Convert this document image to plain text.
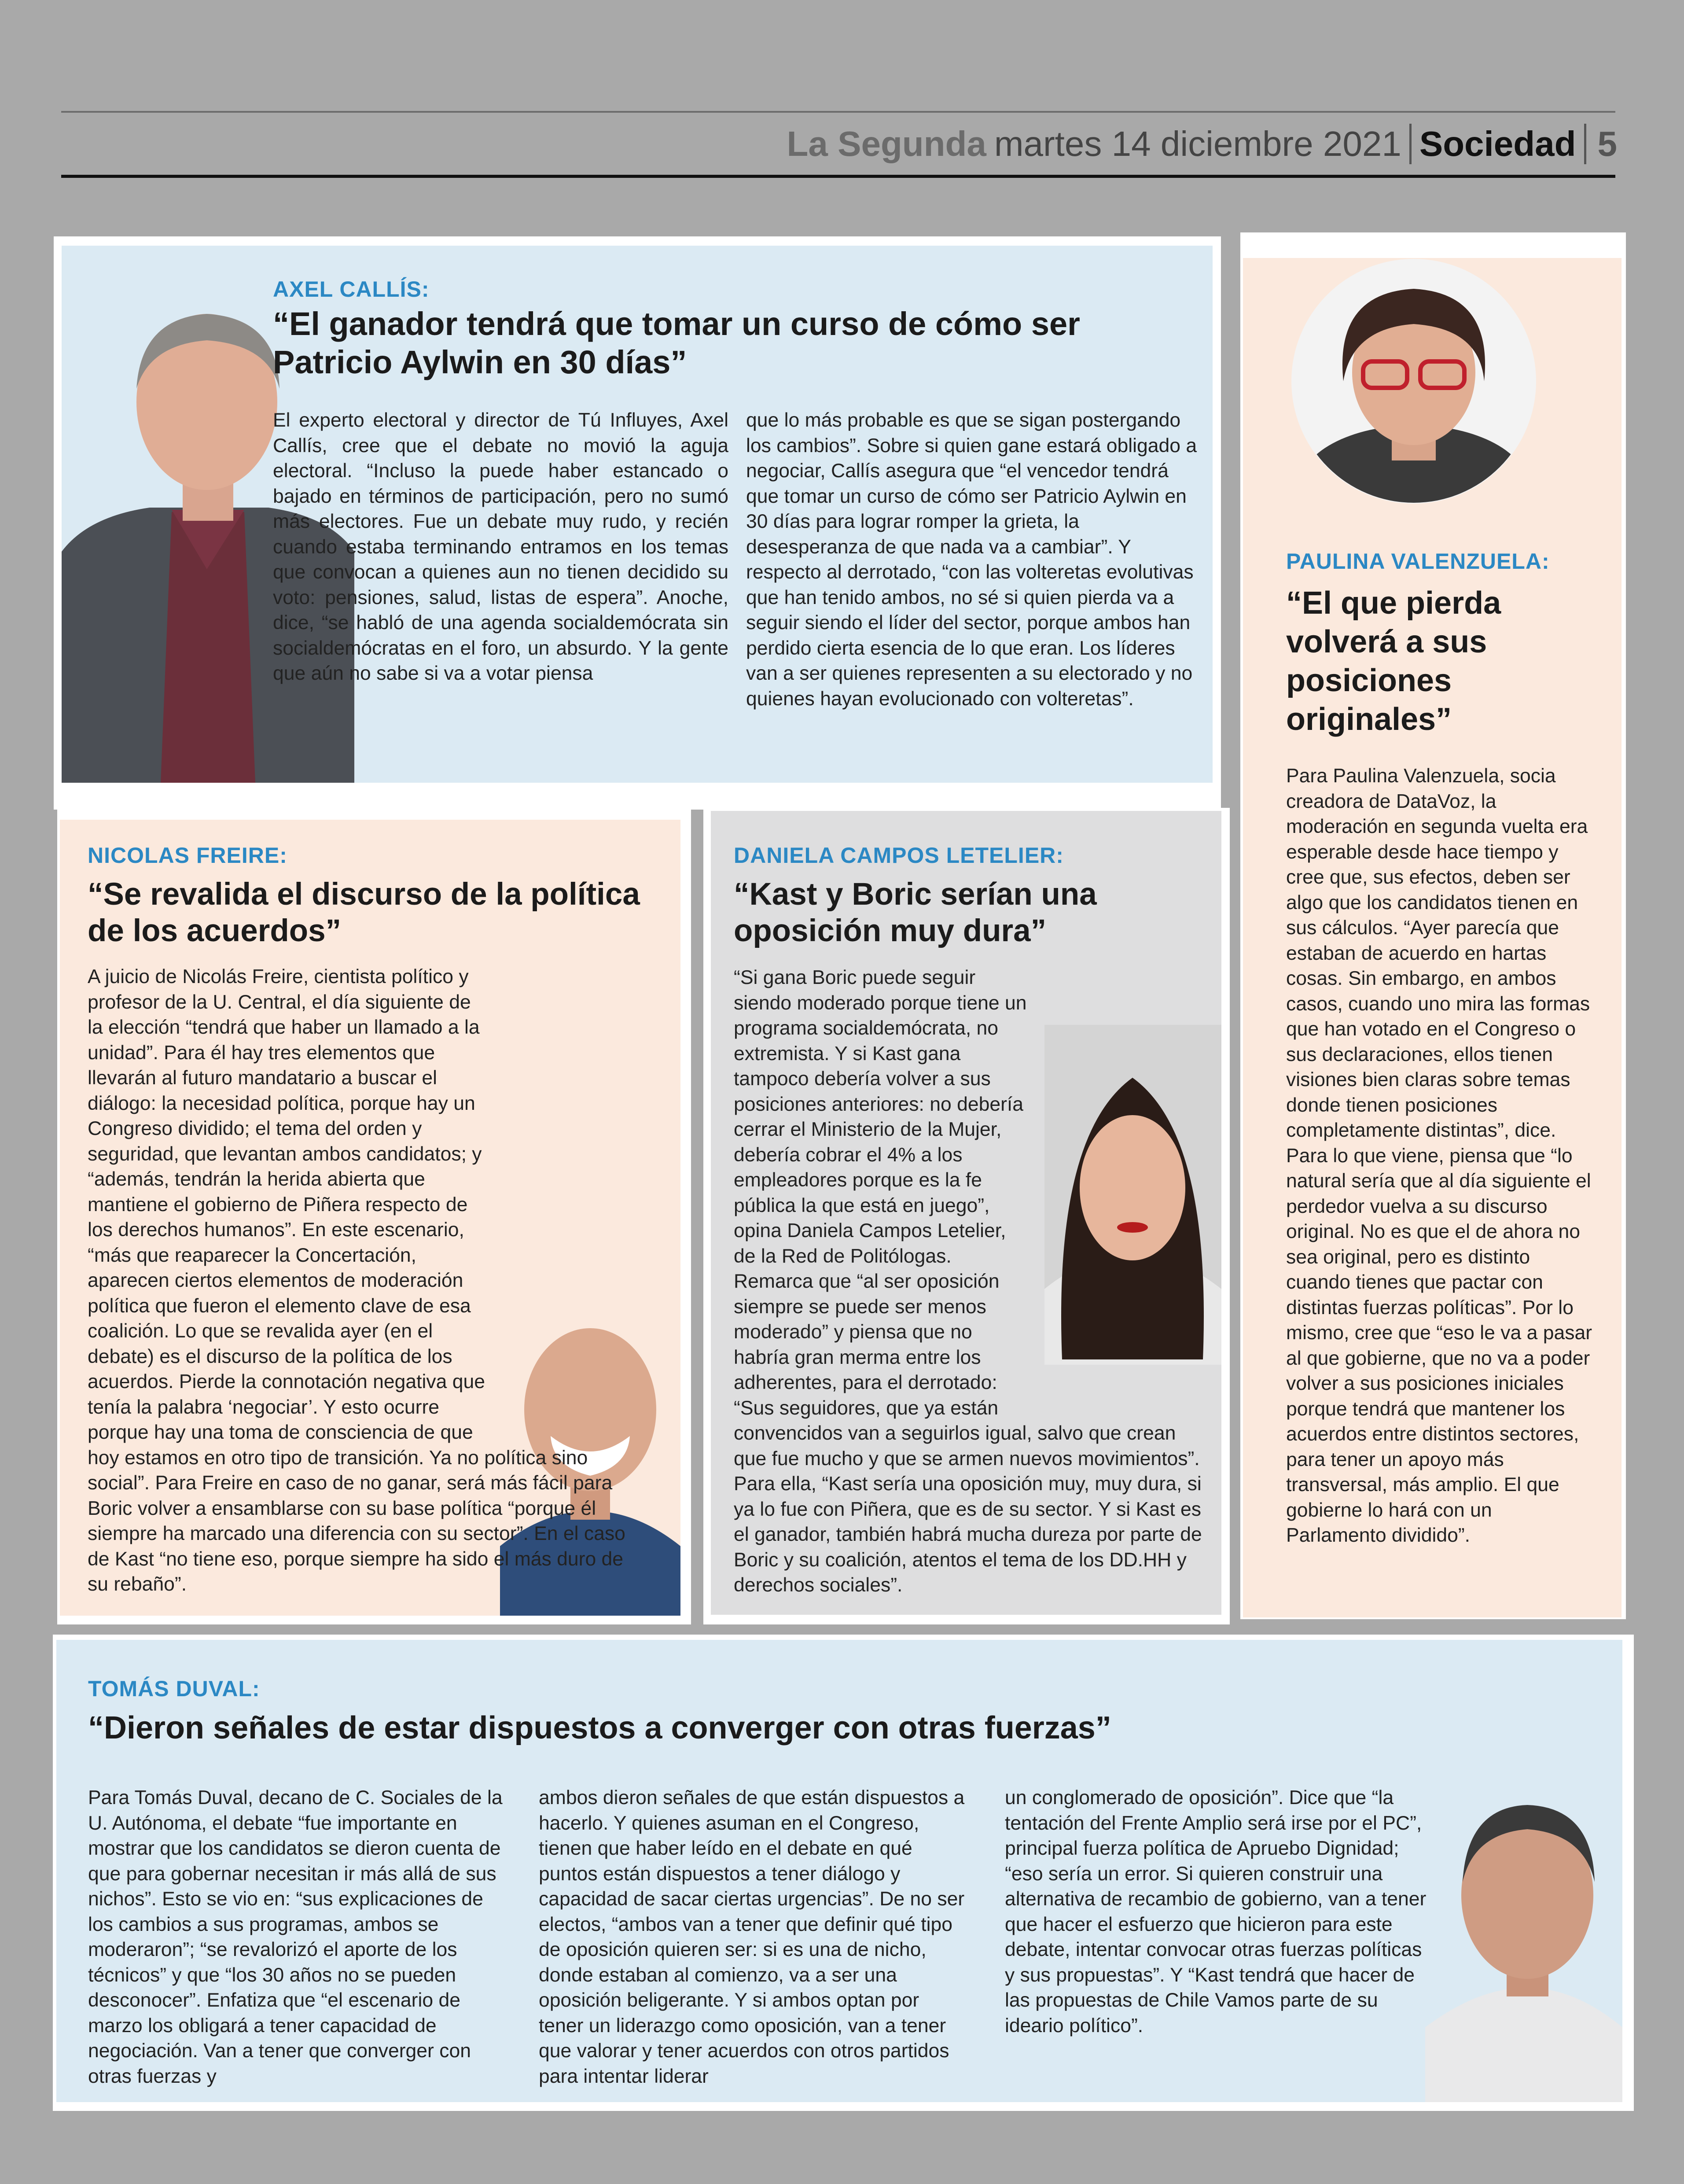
La Segunda martes 14 diciembre 2021 Sociedad 5
AXEL CALLÍS:
“El ganador tendrá que tomar un curso de cómo ser Patricio Aylwin en 30 días”

El experto electoral y director de Tú Influyes, Axel Callís, cree que el debate no movió la aguja electoral. “Incluso la puede haber estancado o bajado en términos de participación, pero no sumó más electores. Fue un debate muy rudo, y recién cuando estaba terminando entramos en los temas que convocan a quienes aun no tienen decidido su voto: pensiones, salud, listas de espera”. Anoche, dice, “se habló de una agenda socialdemócrata sin socialdemócratas en el foro, un absurdo. Y la gente que aún no sabe si va a votar piensa

que lo más probable es que se sigan postergando los cambios”. Sobre si quien gane estará obligado a negociar, Callís asegura que “el vencedor tendrá que tomar un curso de cómo ser Patricio Aylwin en 30 días para lograr romper la grieta, la desesperanza de que nada va a cambiar”. Y respecto al derrotado, “con las volteretas evolutivas que han tenido ambos, no sé si quien pierda va a seguir siendo el líder del sector, porque ambos han perdido cierta esencia de lo que eran. Los líderes van a ser quienes representen a su electorado y no quienes hayan evolucionado con volteretas”.

PAULINA VALENZUELA:
“El que pierda volverá a sus posiciones originales”

Para Paulina Valenzuela, socia creadora de DataVoz, la moderación en segunda vuelta era esperable desde hace tiempo y cree que, sus efectos, deben ser algo que los candidatos tienen en sus cálculos. “Ayer parecía que estaban de acuerdo en hartas cosas. Sin embargo, en ambos casos, cuando uno mira las formas que han votado en el Congreso o sus declaraciones, ellos tienen visiones bien claras sobre temas donde tienen posiciones completamente distintas”, dice. Para lo que viene, piensa que “lo natural sería que al día siguiente el perdedor vuelva a su discurso original. No es que el de ahora no sea original, pero es distinto cuando tienes que pactar con distintas fuerzas políticas”. Por lo mismo, cree que “eso le va a pasar al que gobierne, que no va a poder volver a sus posiciones iniciales porque tendrá que mantener los acuerdos entre distintos sectores, para tener un apoyo más transversal, más amplio. El que gobierne lo hará con un Parlamento dividido”.

NICOLAS FREIRE:
“Se revalida el discurso de la política de los acuerdos”

A juicio de Nicolás Freire, cientista político y profesor de la U. Central, el día siguiente de la elección “tendrá que haber un llamado a la unidad”. Para él hay tres elementos que llevarán al futuro mandatario a buscar el diálogo: la necesidad política, porque hay un Congreso dividido; el tema del orden y seguridad, que levantan ambos candidatos; y “además, tendrán la herida abierta que mantiene el gobierno de Piñera respecto de los derechos humanos”. En este escenario, “más que reaparecer la Concertación, aparecen ciertos elementos de moderación política que fueron el elemento clave de esa coalición. Lo que se revalida ayer (en el debate) es el discurso de la política de los acuerdos. Pierde la connotación negativa que tenía la palabra ‘negociar’. Y esto ocurre porque hay una toma de consciencia de que hoy estamos en otro tipo de transición. Ya no política sino social”. Para Freire en caso de no ganar, será más fácil para Boric volver a ensamblarse con su base política “porque él siempre ha marcado una diferencia con su sector”. En el caso de Kast “no tiene eso, porque siempre ha sido el más duro de su rebaño”.

DANIELA CAMPOS LETELIER:
“Kast y Boric serían una oposición muy dura”

“Si gana Boric puede seguir siendo moderado porque tiene un programa socialdemócrata, no extremista. Y si Kast gana tampoco debería volver a sus posiciones anteriores: no debería cerrar el Ministerio de la Mujer, debería cobrar el 4% a los empleadores porque es la fe pública la que está en juego”, opina Daniela Campos Letelier, de la Red de Politólogas. Remarca que “al ser oposición siempre se puede ser menos moderado” y piensa que no habría gran merma entre los adherentes, para el derrotado: “Sus seguidores, que ya están convencidos van a seguirlos igual, salvo que crean que fue mucho y que se armen nuevos movimientos”. Para ella, “Kast sería una oposición muy, muy dura, si ya lo fue con Piñera, que es de su sector. Y si Kast es el ganador, también habrá mucha dureza por parte de Boric y su coalición, atentos el tema de los DD.HH y derechos sociales”.

TOMÁS DUVAL:
“Dieron señales de estar dispuestos a converger con otras fuerzas”

Para Tomás Duval, decano de C. Sociales de la U. Autónoma, el debate “fue importante en mostrar que los candidatos se dieron cuenta de que para gobernar necesitan ir más allá de sus nichos”. Esto se vio en: “sus explicaciones de los cambios a sus programas, ambos se moderaron”; “se revalorizó el aporte de los técnicos” y que “los 30 años no se pueden desconocer”. Enfatiza que “el escenario de marzo los obligará a tener capacidad de negociación. Van a tener que converger con otras fuerzas y

ambos dieron señales de que están dispuestos a hacerlo. Y quienes asuman en el Congreso, tienen que haber leído en el debate en qué puntos están dispuestos a tener diálogo y capacidad de sacar ciertas urgencias”. De no ser electos, “ambos van a tener que definir qué tipo de oposición quieren ser: si es una de nicho, donde estaban al comienzo, va a ser una oposición beligerante. Y si ambos optan por tener un liderazgo como oposición, van a tener que valorar y tener acuerdos con otros partidos para intentar liderar

un conglomerado de oposición”. Dice que “la tentación del Frente Amplio será irse por el PC”, principal fuerza política de Apruebo Dignidad; “eso sería un error. Si quieren construir una alternativa de recambio de gobierno, van a tener que hacer el esfuerzo que hicieron para este debate, intentar convocar otras fuerzas políticas y sus propuestas”. Y “Kast tendrá que hacer de las propuestas de Chile Vamos parte de su ideario político”.
